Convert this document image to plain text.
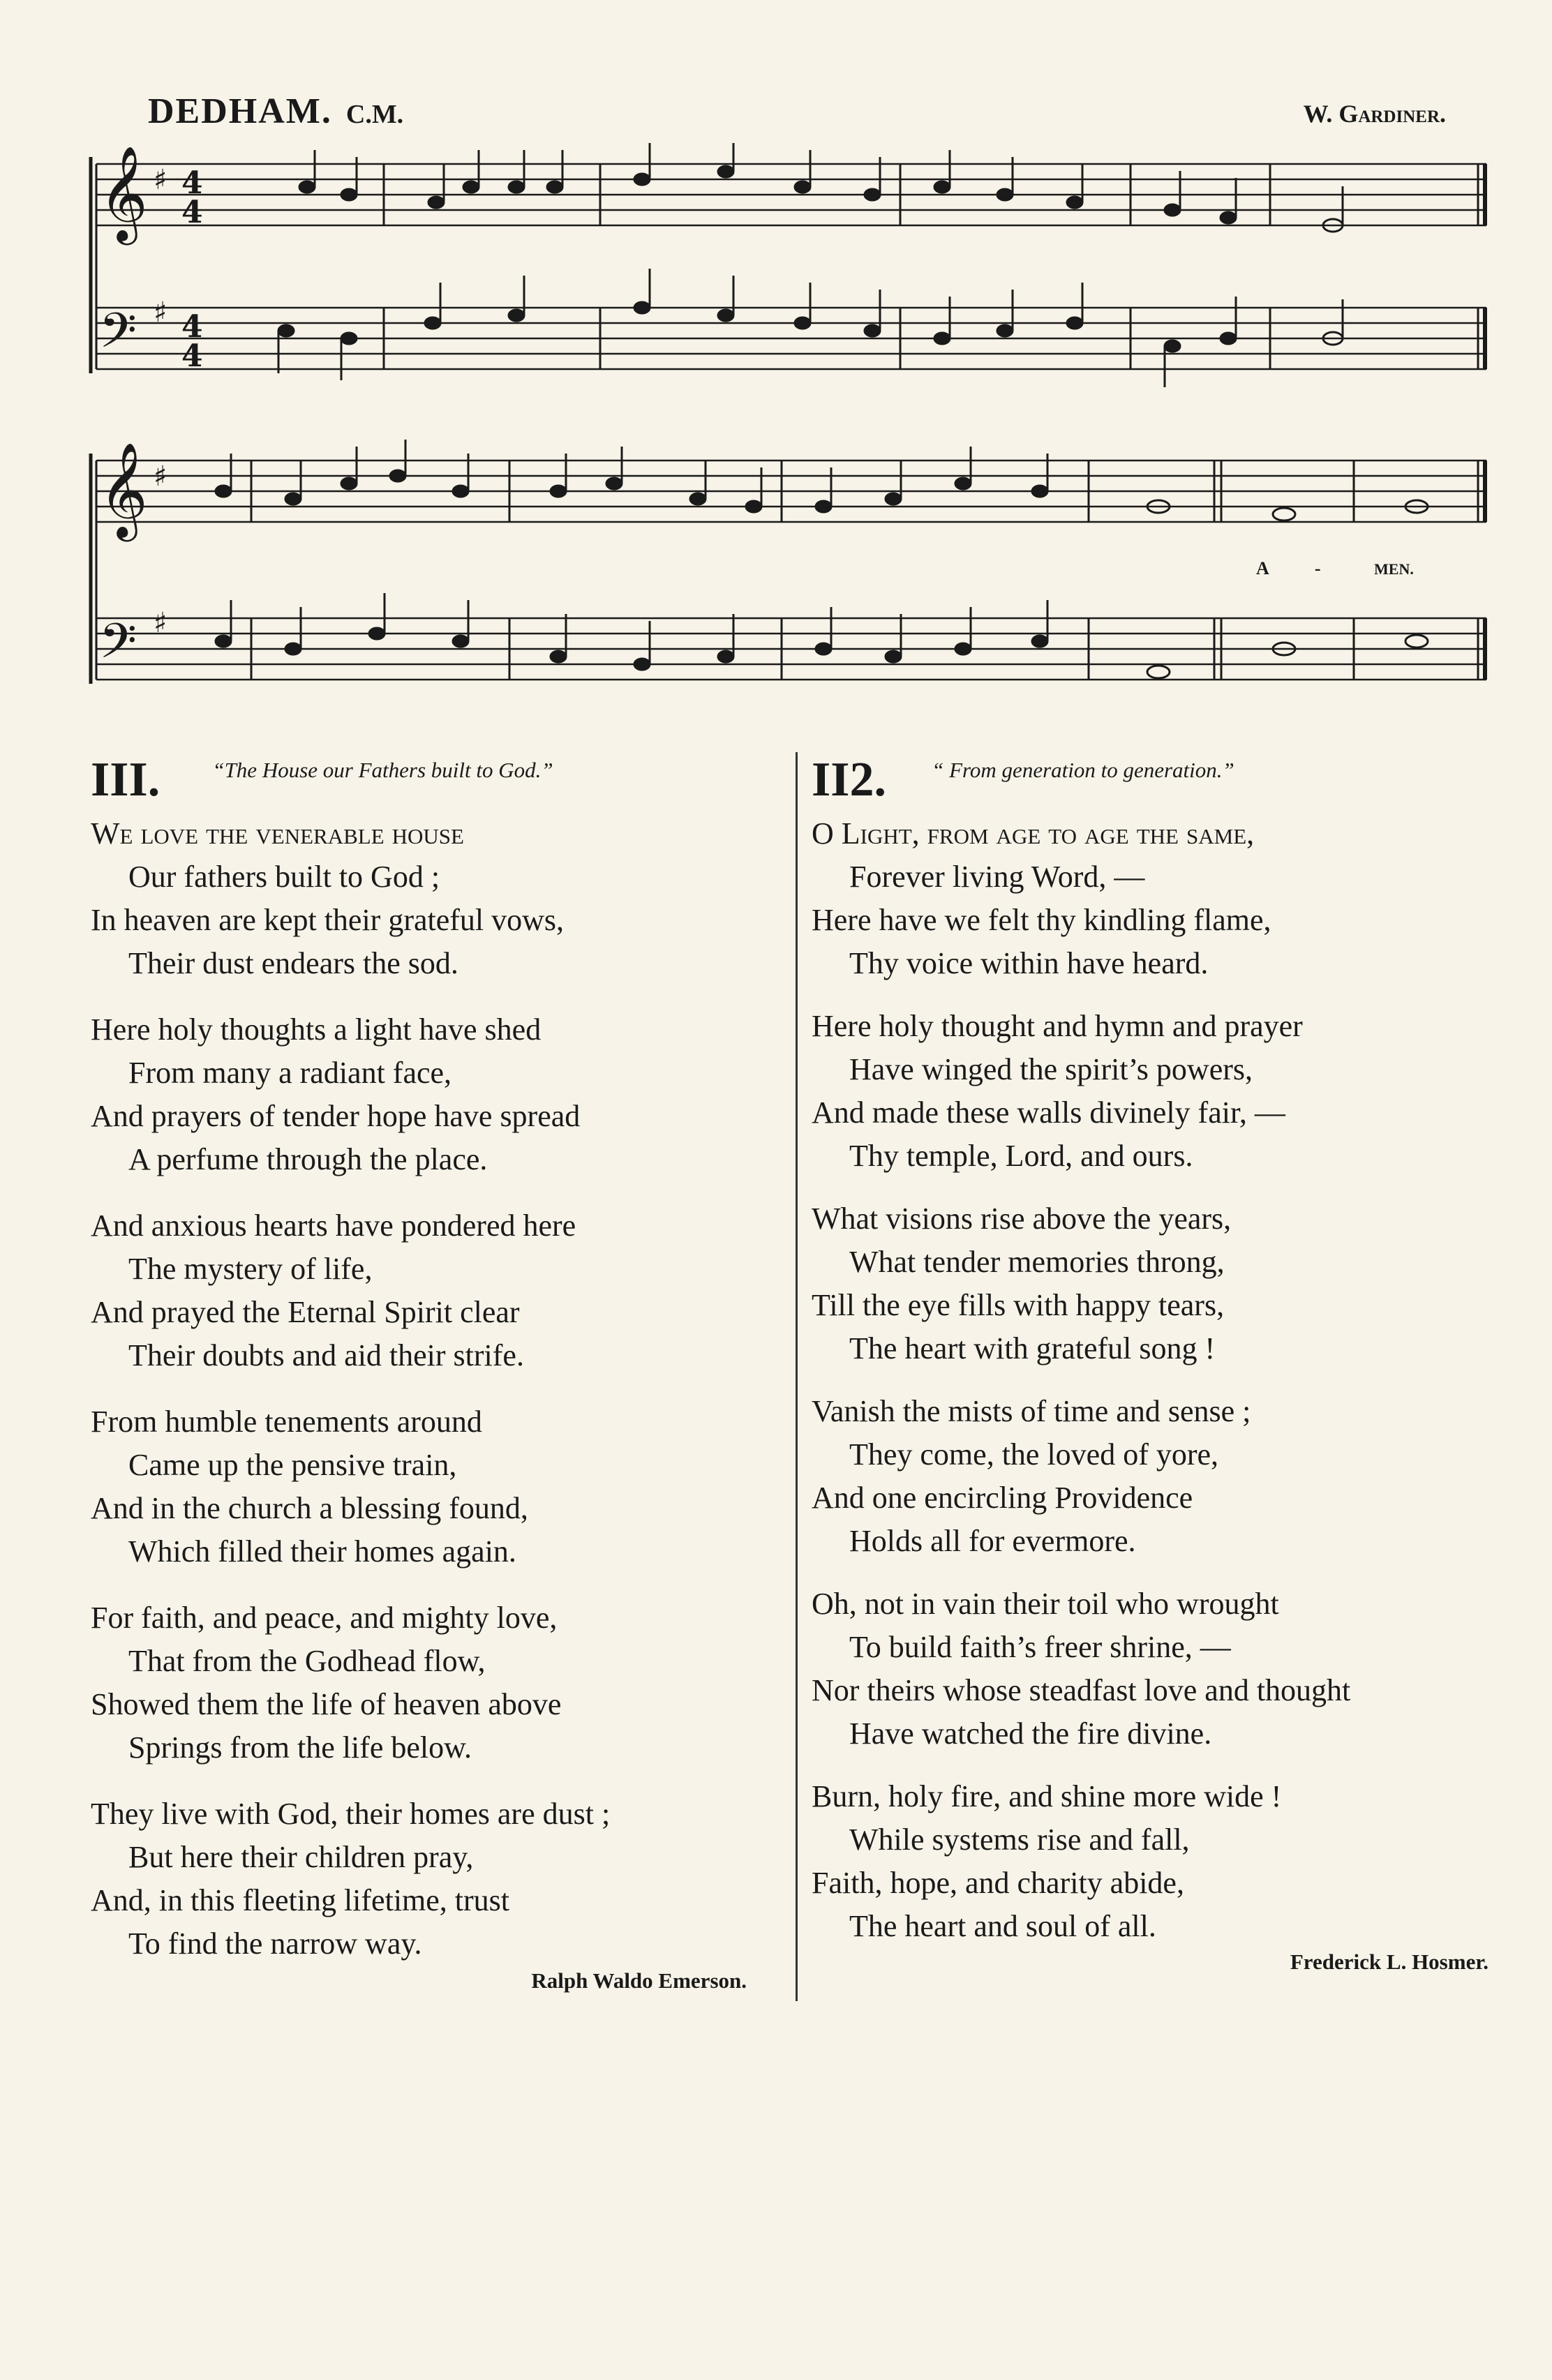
DEDHAM. C.M.	W. Gardiner.
𝄞
𝄢
♯
♯
4
4
4
4
𝄞
𝄢
♯
♯
A	-	MEN.
III. “The House our Fathers built to God.”
We love the venerable house
Our fathers built to God ;
In heaven are kept their grateful vows,
Their dust endears the sod.
Here holy thoughts a light have shed
From many a radiant face,
And prayers of tender hope have spread
A perfume through the place.
And anxious hearts have pondered here
The mystery of life,
And prayed the Eternal Spirit clear
Their doubts and aid their strife.
From humble tenements around
Came up the pensive train,
And in the church a blessing found,
Which filled their homes again.
For faith, and peace, and mighty love,
That from the Godhead flow,
Showed them the life of heaven above
Springs from the life below.
They live with God, their homes are dust ;
But here their children pray,
And, in this fleeting lifetime, trust
To find the narrow way.
Ralph Waldo Emerson.
II2. “ From generation to generation.”
O Light, from age to age the same,
Forever living Word, —
Here have we felt thy kindling flame,
Thy voice within have heard.
Here holy thought and hymn and prayer
Have winged the spirit’s powers,
And made these walls divinely fair, —
Thy temple, Lord, and ours.
What visions rise above the years,
What tender memories throng,
Till the eye fills with happy tears,
The heart with grateful song !
Vanish the mists of time and sense ;
They come, the loved of yore,
And one encircling Providence
Holds all for evermore.
Oh, not in vain their toil who wrought
To build faith’s freer shrine, —
Nor theirs whose steadfast love and thought
Have watched the fire divine.
Burn, holy fire, and shine more wide !
While systems rise and fall,
Faith, hope, and charity abide,
The heart and soul of all.
Frederick L. Hosmer.
